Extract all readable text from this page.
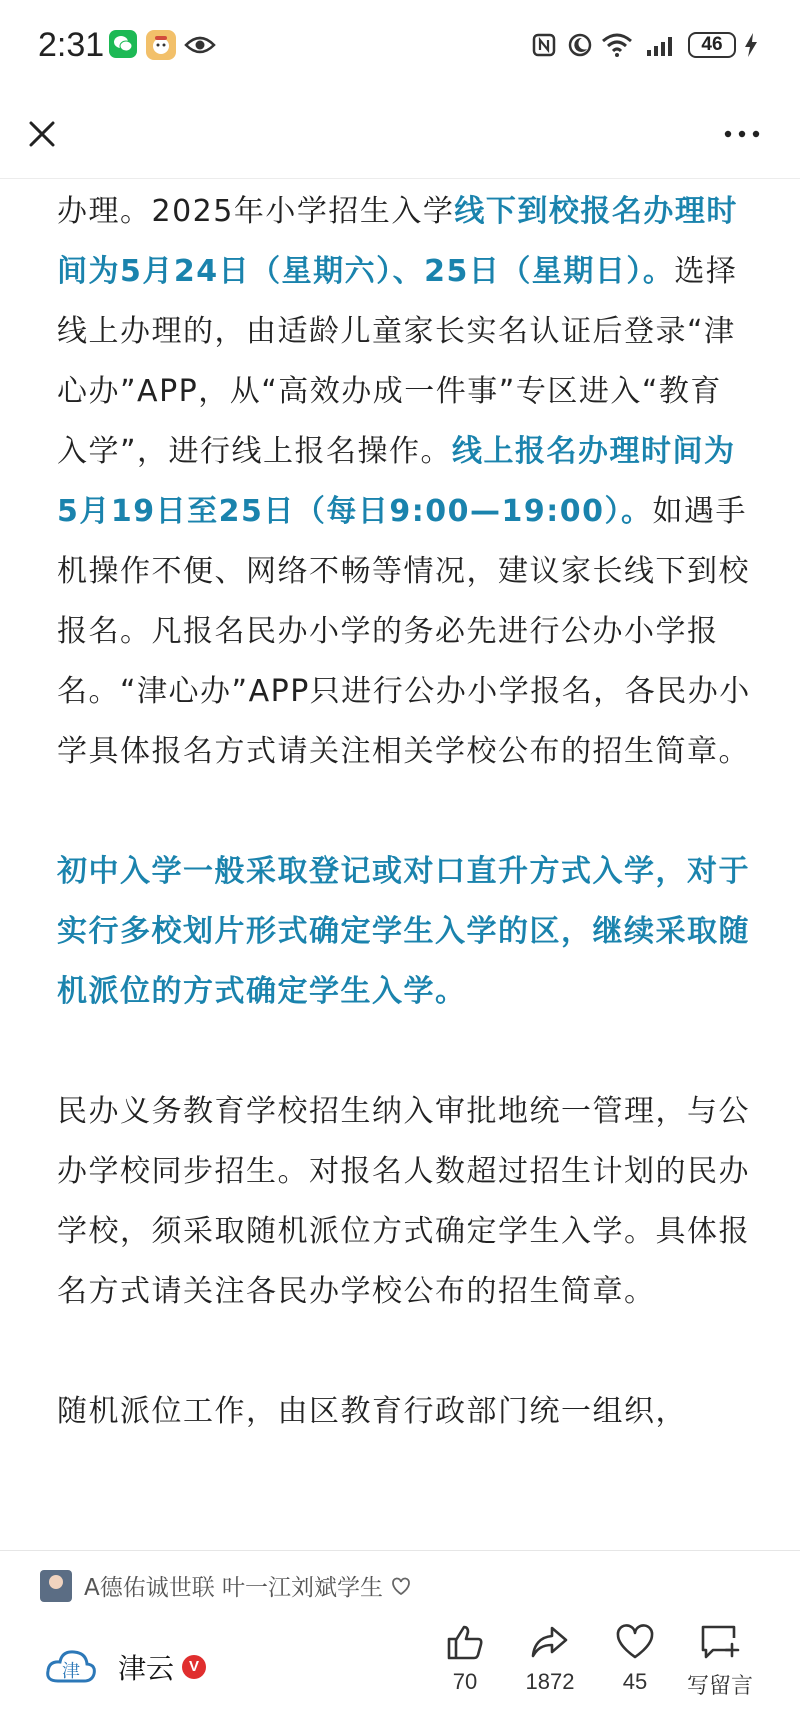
2:31	46

办理。2025年小学招生入学线下到校报名办理时间为5月24日（星期六）、25日（星期日）。选择线上办理的，由适龄儿童家长实名认证后登录“津心办”APP，从“高效办成一件事”专区进入“教育入学”，进行线上报名操作。线上报名办理时间为5月19日至25日（每日9:00—19:00）。如遇手机操作不便、网络不畅等情况，建议家长线下到校报名。凡报名民办小学的务必先进行公办小学报名。“津心办”APP只进行公办小学报名，各民办小学具体报名方式请关注相关学校公布的招生简章。

初中入学一般采取登记或对口直升方式入学，对于实行多校划片形式确定学生入学的区，继续采取随机派位的方式确定学生入学。

民办义务教育学校招生纳入审批地统一管理，与公办学校同步招生。对报名人数超过招生计划的民办学校，须采取随机派位方式确定学生入学。具体报名方式请关注各民办学校公布的招生简章。

随机派位工作，由区教育行政部门统一组织，

A德佑诚世联 叶一江刘斌学生
津 津云 V
70	1872	45	写留言
